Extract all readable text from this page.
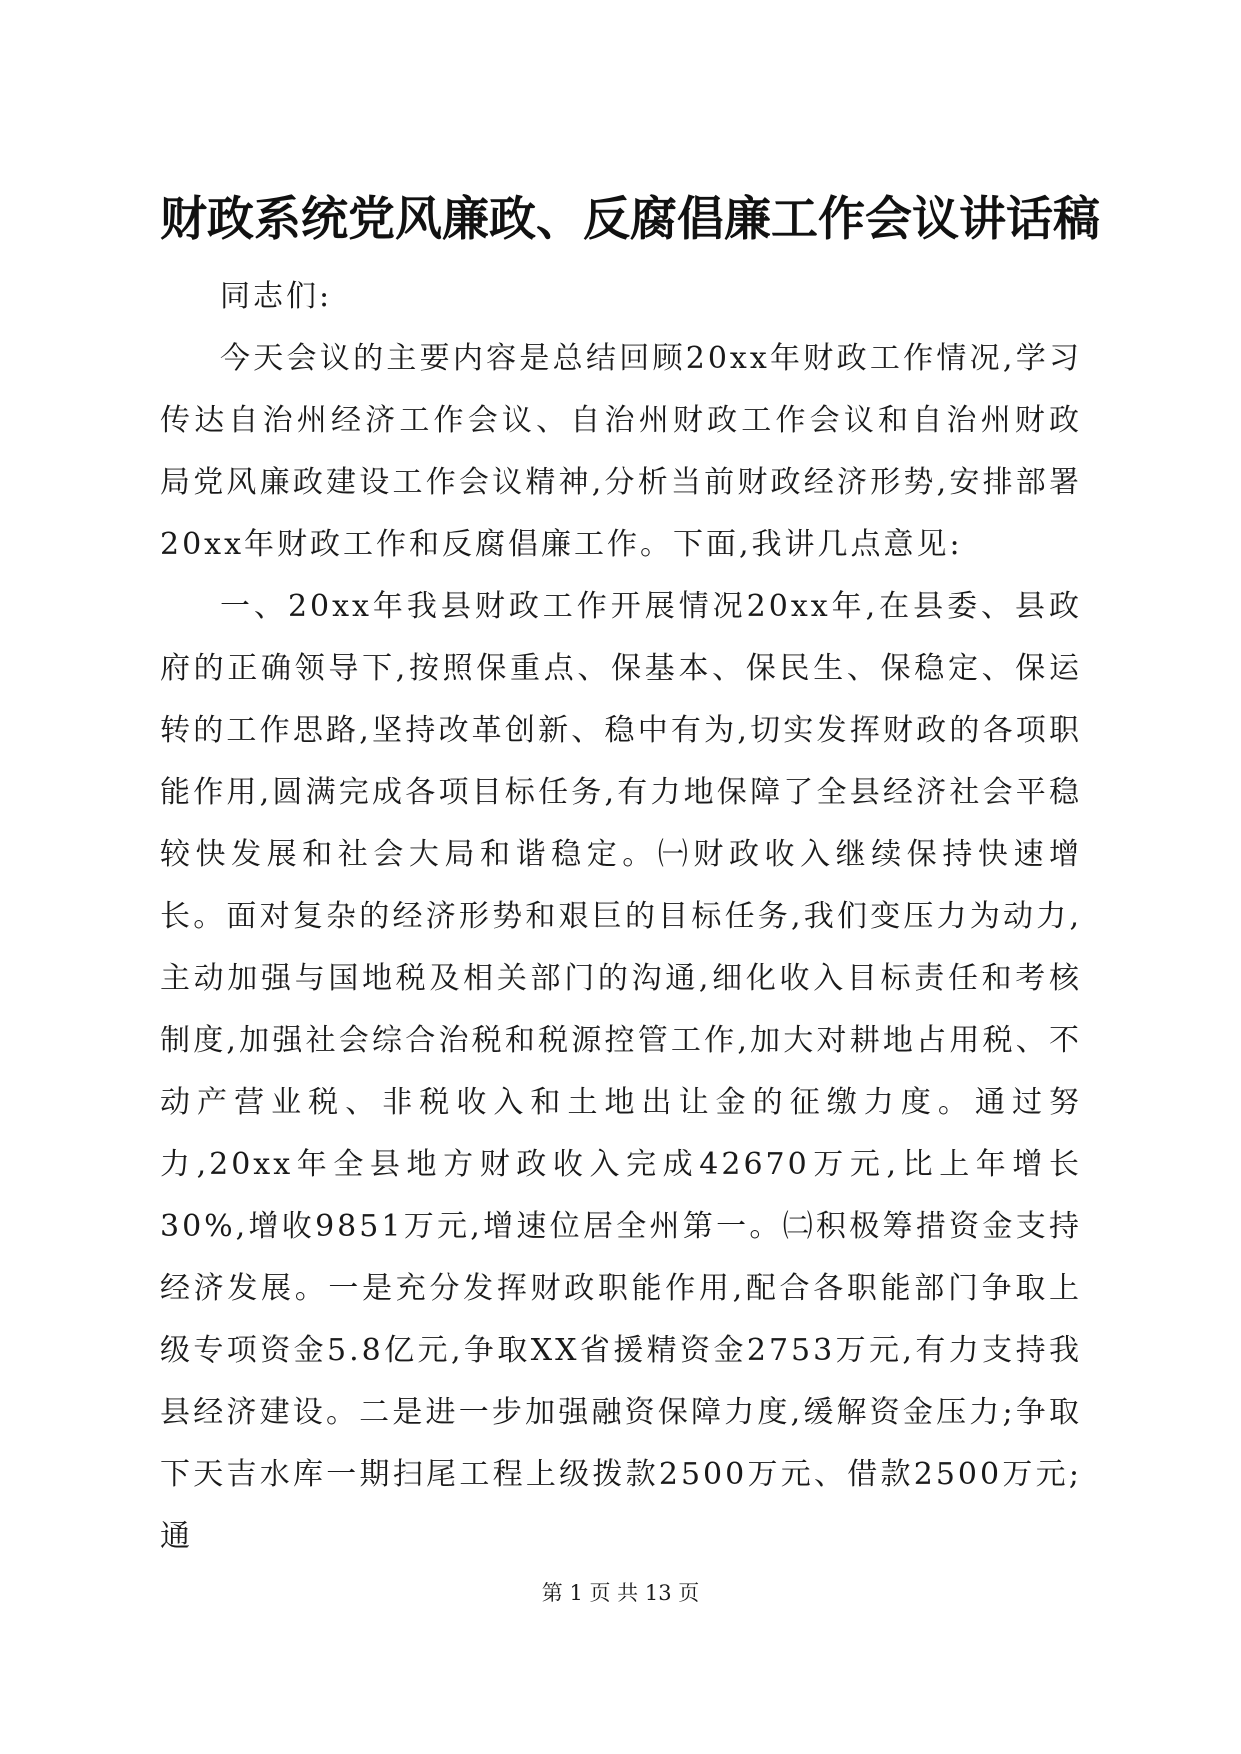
财政系统党风廉政、反腐倡廉工作会议讲话稿

同志们:

今天会议的主要内容是总结回顾20xx年财政工作情况,学习传达自治州经济工作会议、自治州财政工作会议和自治州财政局党风廉政建设工作会议精神,分析当前财政经济形势,安排部署20xx年财政工作和反腐倡廉工作。下面,我讲几点意见:

一、20xx年我县财政工作开展情况20xx年,在县委、县政府的正确领导下,按照保重点、保基本、保民生、保稳定、保运转的工作思路,坚持改革创新、稳中有为,切实发挥财政的各项职能作用,圆满完成各项目标任务,有力地保障了全县经济社会平稳较快发展和社会大局和谐稳定。㈠财政收入继续保持快速增长。面对复杂的经济形势和艰巨的目标任务,我们变压力为动力,主动加强与国地税及相关部门的沟通,细化收入目标责任和考核制度,加强社会综合治税和税源控管工作,加大对耕地占用税、不动产营业税、非税收入和土地出让金的征缴力度。通过努力,20xx年全县地方财政收入完成42670万元,比上年增长30%,增收9851万元,增速位居全州第一。㈡积极筹措资金支持经济发展。一是充分发挥财政职能作用,配合各职能部门争取上级专项资金5.8亿元,争取XX省援精资金2753万元,有力支持我县经济建设。二是进一步加强融资保障力度,缓解资金压力;争取下天吉水库一期扫尾工程上级拨款2500万元、借款2500万元;通

第 1 页 共 13 页
